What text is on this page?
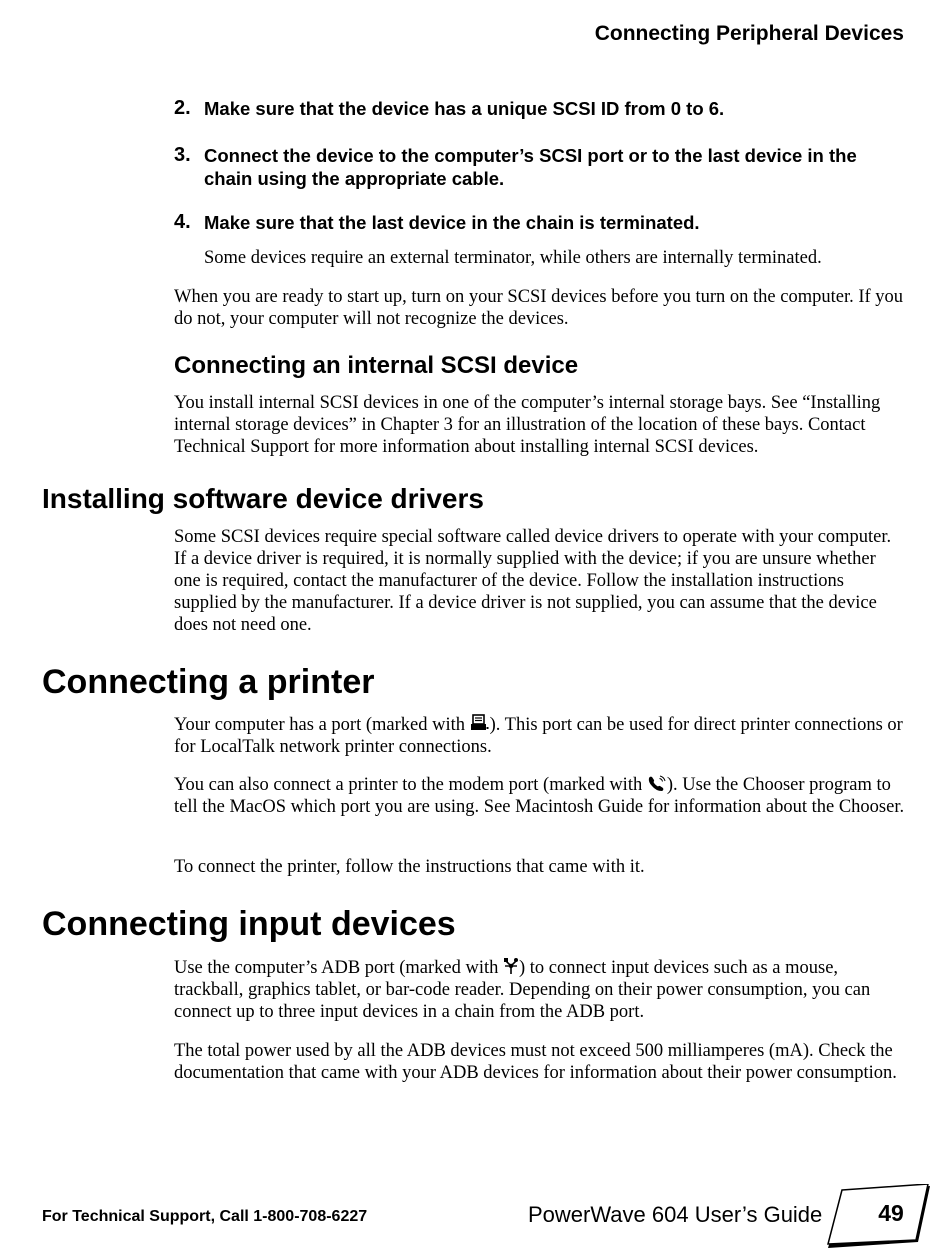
Connecting Peripheral Devices
2. Make sure that the device has a unique SCSI ID from 0 to 6.
3. Connect the device to the computer’s SCSI port or to the last device in the chain using the appropriate cable.
4. Make sure that the last device in the chain is terminated.
Some devices require an external terminator, while others are internally terminated.
When you are ready to start up, turn on your SCSI devices before you turn on the computer. If you do not, your computer will not recognize the devices.
Connecting an internal SCSI device
You install internal SCSI devices in one of the computer’s internal storage bays. See “Installing internal storage devices” in Chapter 3 for an illustration of the location of these bays. Contact Technical Support for more information about installing internal SCSI devices.
Installing software device drivers
Some SCSI devices require special software called device drivers to operate with your computer. If a device driver is required, it is normally supplied with the device; if you are unsure whether one is required, contact the manufacturer of the device. Follow the installation instructions supplied by the manufacturer. If a device driver is not supplied, you can assume that the device does not need one.
Connecting a printer
Your computer has a port (marked with ). This port can be used for direct printer connections or for LocalTalk network printer connections.
You can also connect a printer to the modem port (marked with ). Use the Chooser program to tell the MacOS which port you are using. See Macintosh Guide for information about the Chooser.
To connect the printer, follow the instructions that came with it.
Connecting input devices
Use the computer’s ADB port (marked with ) to connect input devices such as a mouse, trackball, graphics tablet, or bar-code reader. Depending on their power consumption, you can connect up to three input devices in a chain from the ADB port.
The total power used by all the ADB devices must not exceed 500 milliamperes (mA). Check the documentation that came with your ADB devices for information about their power consumption.
For Technical Support, Call 1-800-708-6227	PowerWave 604 User’s Guide	49
